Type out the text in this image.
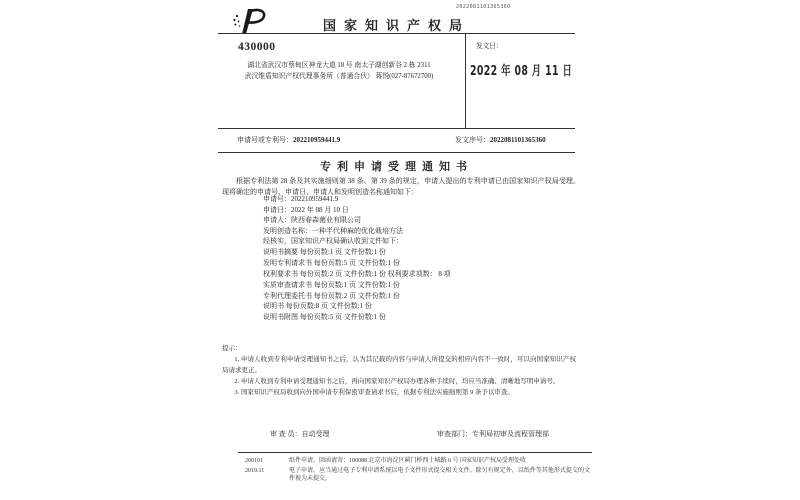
2022081101365360
国家知识产权局
430000
湖北省武汉市蔡甸区神龙大道 18 号 南太子湖创新谷 2 栋 2311
武汉维盾知识产权代理事务所（普通合伙） 蒋悦(027-87672700)
发文日：
2022 年 08 月 11 日
申请号或专利号：202210959441.9	发文序号：2022081101365360
专利申请受理通知书
根据专利法第 28 条及其实施细则第 38 条、第 39 条的规定，申请人提出的专利申请已由国家知识产权局受理。现将确定的申请号、申请日、申请人和发明创造名称通知如下：
申请号：202210959441.9
申请日：2022 年 08 月 10 日
申请人：陕西春森菌业有限公司
发明创造名称：一种半代种麻的优化栽培方法
经核实，国家知识产权局确认收到文件如下：
说明书摘要 每份页数:1 页 文件份数:1 份
发明专利请求书 每份页数:5 页 文件份数:1 份
权利要求书 每份页数:2 页 文件份数:1 份 权利要求项数： 8 项
实质审查请求书 每份页数:1 页 文件份数:1 份
专利代理委托书 每份页数:2 页 文件份数:1 份
说明书 每份页数:8 页 文件份数:1 份
说明书附图 每份页数:5 页 文件份数:1 份
提示：
1. 申请人收到专利申请受理通知书之后，认为其记载的内容与申请人所提交的相应内容不一致时，可以向国家知识产权局请求更正。
2. 申请人收到专利申请受理通知书之后，再向国家知识产权局办理各种手续时，均应当准确、清晰地写明申请号。
3. 国家知识产权局收到向外国申请专利保密审查请求书后，依据专利法实施细则第 9 条予以审查。
审 查 员：自动受理	审查部门：专利局初审及流程管理部
200101	纸件申请，回函请寄：100088 北京市海淀区蓟门桥西土城路 6 号 国家知识产权局受理处收
2019.11	电子申请，应当通过电子专利申请系统以电子文件形式提交相关文件。除另有规定外，以纸件等其他形式提交的文件视为未提交。
